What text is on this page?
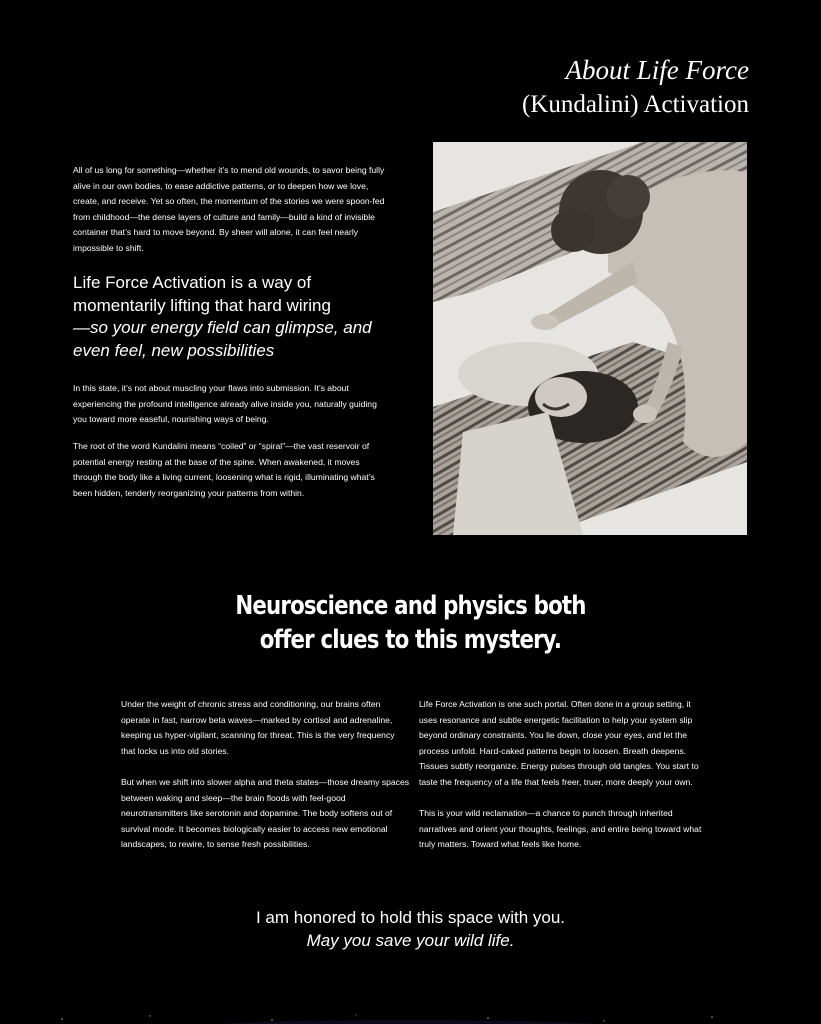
About Life Force
(Kundalini) Activation

All of us long for something—whether it’s to mend old wounds, to savor being fully alive in our own bodies, to ease addictive patterns, or to deepen how we love, create, and receive. Yet so often, the momentum of the stories we were spoon-fed from childhood—the dense layers of culture and family—build a kind of invisible container that’s hard to move beyond. By sheer will alone, it can feel nearly impossible to shift.

Life Force Activation is a way of momentarily lifting that hard wiring
—so your energy field can glimpse, and even feel, new possibilities

In this state, it’s not about muscling your flaws into submission. It’s about experiencing the profound intelligence already alive inside you, naturally guiding you toward more easeful, nourishing ways of being.

The root of the word Kundalini means “coiled” or “spiral”—the vast reservoir of potential energy resting at the base of the spine. When awakened, it moves through the body like a living current, loosening what is rigid, illuminating what’s been hidden, tenderly reorganizing your patterns from within.

Neuroscience and physics both
offer clues to this mystery.

Under the weight of chronic stress and conditioning, our brains often operate in fast, narrow beta waves—marked by cortisol and adrenaline, keeping us hyper-vigilant, scanning for threat. This is the very frequency that locks us into old stories.

But when we shift into slower alpha and theta states—those dreamy spaces between waking and sleep—the brain floods with feel-good neurotransmitters like serotonin and dopamine. The body softens out of survival mode. It becomes biologically easier to access new emotional landscapes, to rewire, to sense fresh possibilities.

Life Force Activation is one such portal. Often done in a group setting, it uses resonance and subtle energetic facilitation to help your system slip beyond ordinary constraints. You lie down, close your eyes, and let the process unfold. Hard-caked patterns begin to loosen. Breath deepens. Tissues subtly reorganize. Energy pulses through old tangles. You start to taste the frequency of a life that feels freer, truer, more deeply your own.

This is your wild reclamation—a chance to punch through inherited narratives and orient your thoughts, feelings, and entire being toward what truly matters. Toward what feels like home.

I am honored to hold this space with you.
May you save your wild life.
